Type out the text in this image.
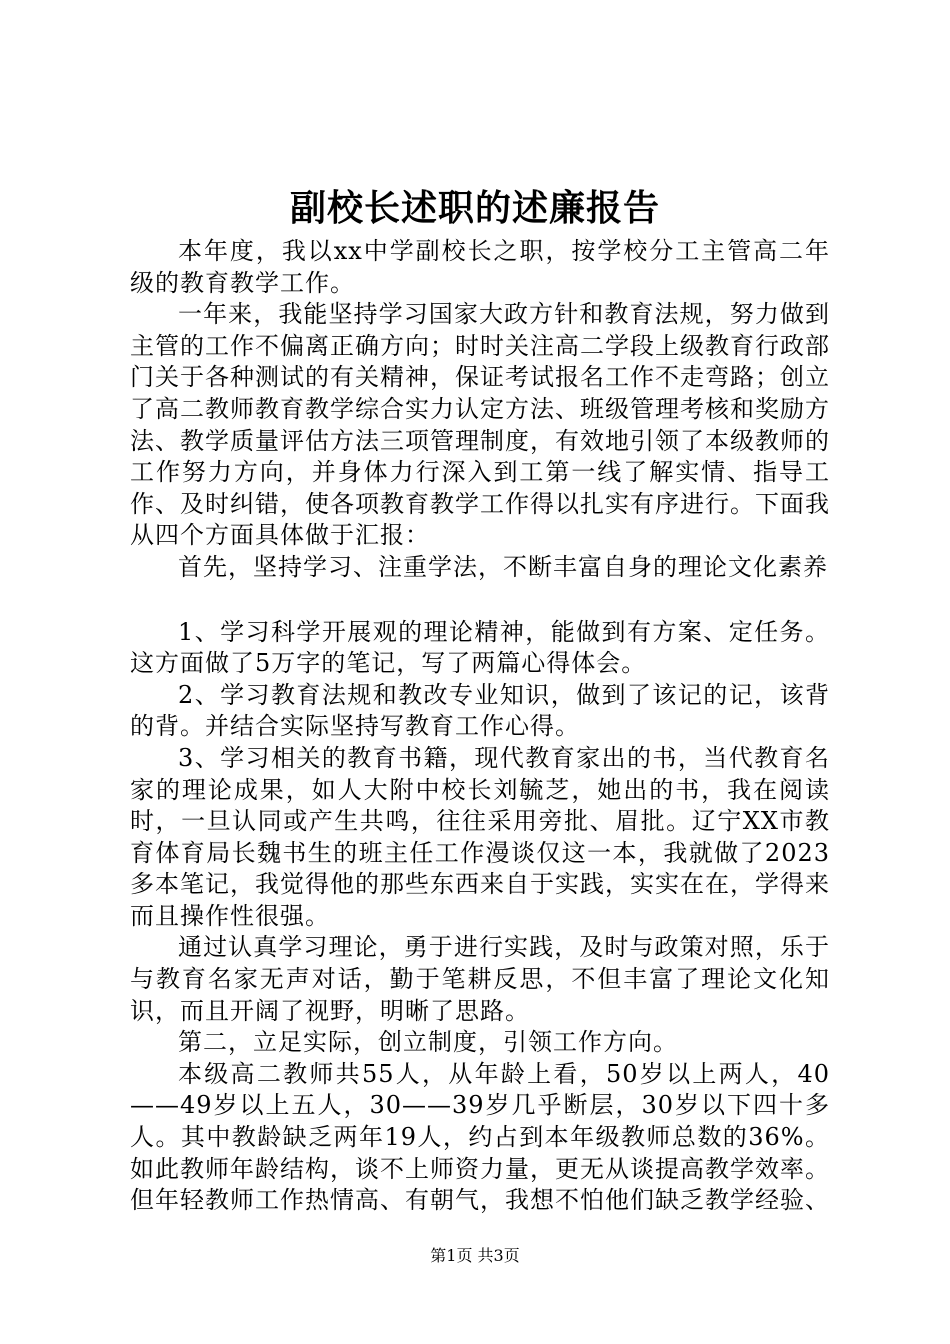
副校长述职的述廉报告

本年度，我以xx中学副校长之职，按学校分工主管高二年级的教育教学工作。

一年来，我能坚持学习国家大政方针和教育法规，努力做到主管的工作不偏离正确方向；时时关注高二学段上级教育行政部门关于各种测试的有关精神，保证考试报名工作不走弯路；创立了高二教师教育教学综合实力认定方法、班级管理考核和奖励方法、教学质量评估方法三项管理制度，有效地引领了本级教师的工作努力方向，并身体力行深入到工第一线了解实情、指导工作、及时纠错，使各项教育教学工作得以扎实有序进行。下面我从四个方面具体做于汇报：

首先，坚持学习、注重学法，不断丰富自身的理论文化素养

1、学习科学开展观的理论精神，能做到有方案、定任务。这方面做了5万字的笔记，写了两篇心得体会。

2、学习教育法规和教改专业知识，做到了该记的记，该背的背。并结合实际坚持写教育工作心得。

3、学习相关的教育书籍，现代教育家出的书，当代教育名家的理论成果，如人大附中校长刘毓芝，她出的书，我在阅读时，一旦认同或产生共鸣，往往采用旁批、眉批。辽宁XX市教育体育局长魏书生的班主任工作漫谈仅这一本，我就做了2023多本笔记，我觉得他的那些东西来自于实践，实实在在，学得来而且操作性很强。

通过认真学习理论，勇于进行实践，及时与政策对照，乐于与教育名家无声对话，勤于笔耕反思，不但丰富了理论文化知识，而且开阔了视野，明晰了思路。

第二，立足实际，创立制度，引领工作方向。

本级高二教师共55人，从年龄上看，50岁以上两人，40——49岁以上五人，30——39岁几乎断层，30岁以下四十多人。其中教龄缺乏两年19人，约占到本年级教师总数的36%。如此教师年龄结构，谈不上师资力量，更无从谈提高教学效率。但年轻教师工作热情高、有朝气，我想不怕他们缺乏教学经验、

第1页 共3页
